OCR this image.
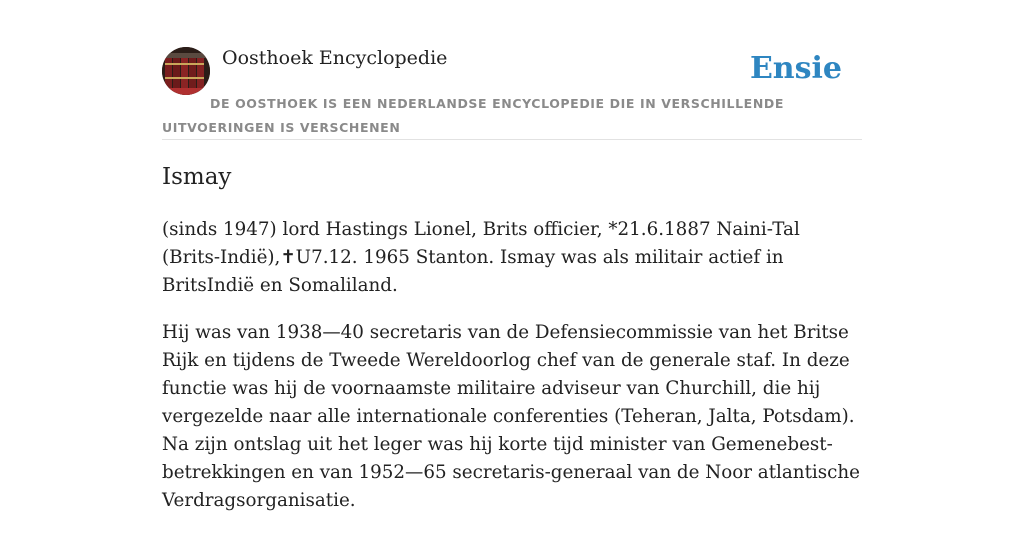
Oosthoek Encyclopedie	Ensie
DE OOSTHOEK IS EEN NEDERLANDSE ENCYCLOPEDIE DIE IN VERSCHILLENDE UITVOERINGEN IS VERSCHENEN
Ismay

(sinds 1947) lord Hastings Lionel, Brits officier, *21.6.1887 Naini-Tal (Brits-Indië),✝U7.12. 1965 Stanton. Ismay was als militair actief in BritsIndië en Somaliland.

Hij was van 1938—40 secretaris van de Defensiecommissie van het Britse Rijk en tijdens de Tweede Wereldoorlog chef van de generale staf. In deze functie was hij de voornaamste militaire adviseur van Churchill, die hij vergezelde naar alle internationale conferenties (Teheran, Jalta, Potsdam). Na zijn ontslag uit het leger was hij korte tijd minister van Gemenebest-betrekkingen en van 1952—65 secretaris-generaal van de Noor atlantische Verdragsorganisatie.
